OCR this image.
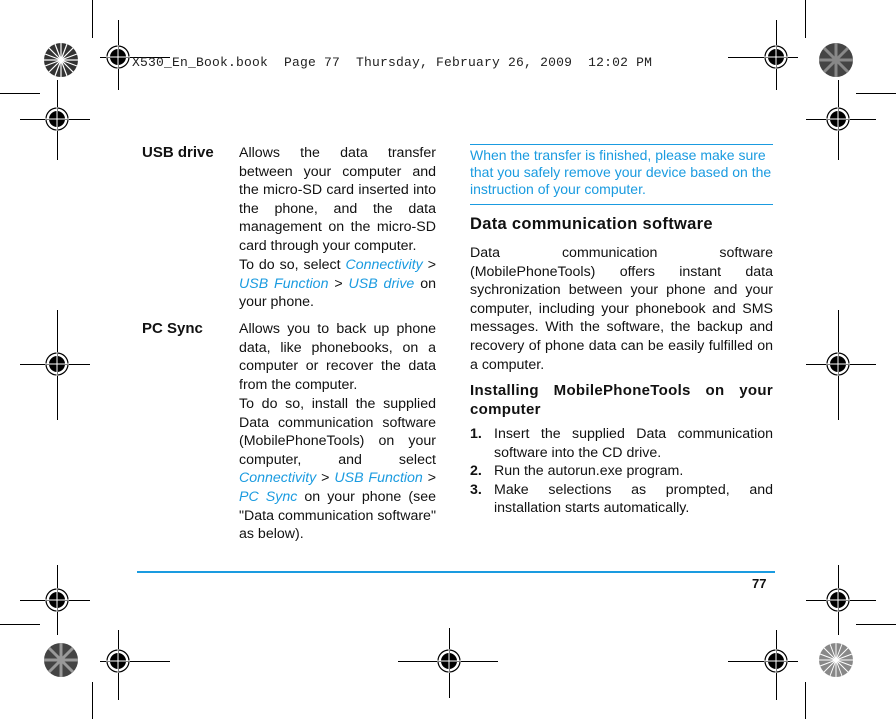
X530_En_Book.book  Page 77  Thursday, February 26, 2009  12:02 PM
USB drive Allows the data transfer between your computer and the micro-SD card inserted into the phone, and the data management on the micro-SD card through your computer.
To do so, select Connectivity > USB Function > USB drive on your phone.
PC Sync	Allows you to back up phone data, like phonebooks, on a computer or recover the data from the computer.
To do so, install the supplied Data communication software (MobilePhoneTools) on your computer, and select Connectivity > USB Function > PC Sync on your phone (see "Data communication software" as below).
When the transfer is finished, please make sure that you safely remove your device based on the instruction of your computer.
Data communication software
Data communication software (MobilePhoneTools) offers instant data sychronization between your phone and your computer, including your phonebook and SMS messages. With the software, the backup and recovery of phone data can be easily fulfilled on a computer.
Installing MobilePhoneTools on your computer
1. Insert the supplied Data communication software into the CD drive.
2. Run the autorun.exe program.
3. Make selections as prompted, and installation starts automatically.
77
